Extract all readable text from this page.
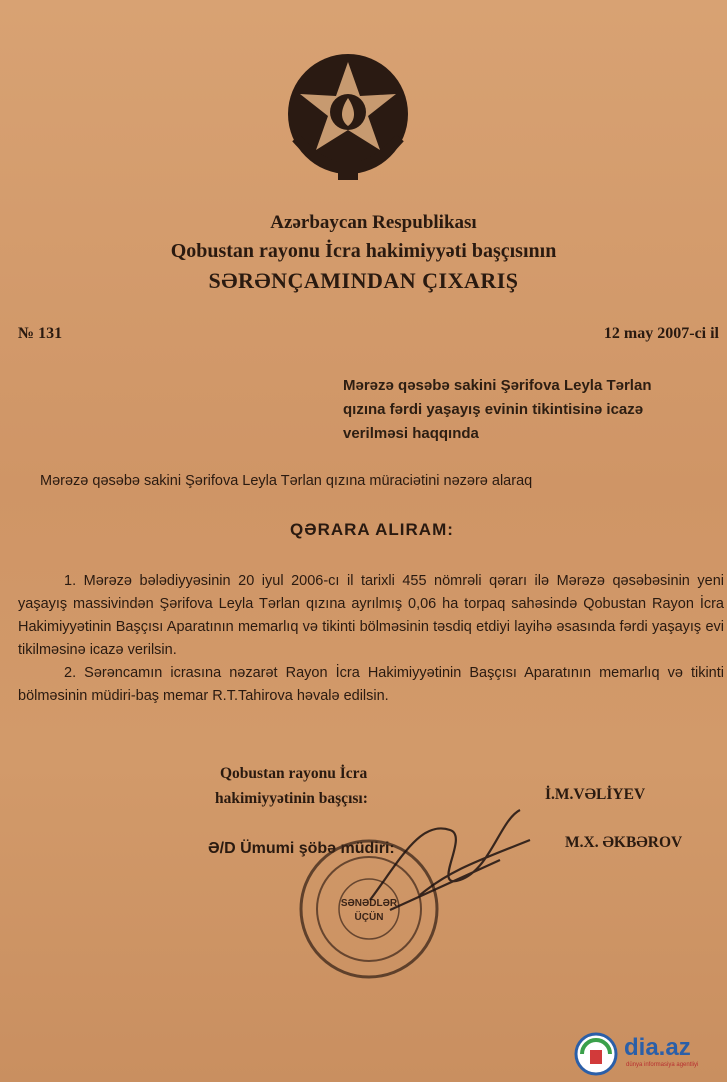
Azərbaycan Respublikası
Qobustan rayonu İcra hakimiyyəti başçısının
SƏRƏNÇAMINDAN ÇIXARIŞ
№ 131	12 may 2007-ci il
Mərəzə qəsəbə sakini Şərifova Leyla Tərlan
qızına fərdi yaşayış evinin tikintisinə icazə
verilməsi haqqında
Mərəzə qəsəbə sakini Şərifova Leyla Tərlan qızına müraciətini nəzərə alaraq
QƏRARA ALIRAM:

1. Mərəzə bələdiyyəsinin 20 iyul 2006-cı il tarixli 455 nömrəli qərarı ilə Mərəzə qəsəbəsinin yeni yaşayış massivindən Şərifova Leyla Tərlan qızına ayrılmış 0,06 ha torpaq sahəsində Qobustan Rayon İcra Hakimiyyətinin Başçısı Aparatının memarlıq və tikinti bölməsinin təsdiq etdiyi layihə əsasında fərdi yaşayış evi tikilməsinə icazə verilsin.

2. Sərəncamın icrasına nəzarət Rayon İcra Hakimiyyətinin Başçısı Aparatının memarlıq və tikinti bölməsinin müdiri-baş memar R.T.Tahirova həvalə edilsin.

Qobustan rayonu İcra
hakimiyyətinin başçısı:	İ.M.VƏLİYEV
Ə/D Ümumi şöbə müdiri:	M.X. ƏKBƏROV
SƏNƏDLƏR
ÜÇÜN
dia.az
dünya informasiya agentliyi
